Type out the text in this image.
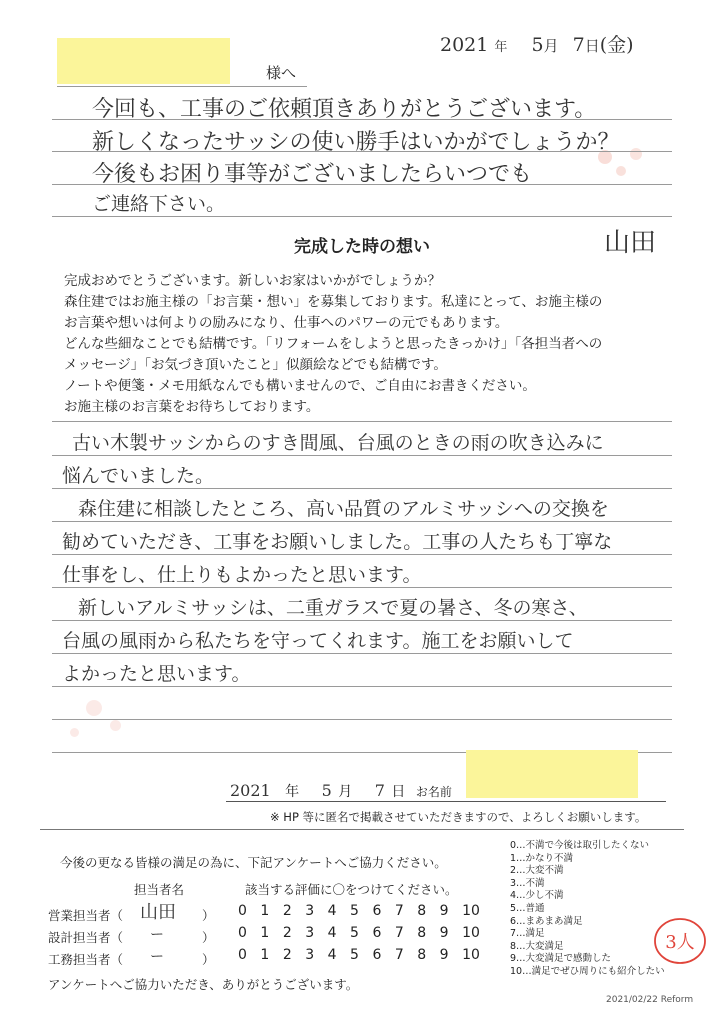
2021 年 5月 7日(金)
様へ
今回も、工事のご依頼頂きありがとうございます。
新しくなったサッシの使い勝手はいかがでしょうか？
今後もお困り事等がございましたらいつでも
ご連絡下さい。
山田
完成した時の想い
完成おめでとうございます。新しいお家はいかがでしょうか？
森住建ではお施主様の「お言葉・想い」を募集しております。私達にとって、お施主様の
お言葉や想いは何よりの励みになり、仕事へのパワーの元でもあります。
どんな些細なことでも結構です。「リフォームをしようと思ったきっかけ」「各担当者への
メッセージ」「お気づき頂いたこと」似顔絵などでも結構です。
ノートや便箋・メモ用紙なんでも構いませんので、ご自由にお書きください。
お施主様のお言葉をお待ちしております。
古い木製サッシからのすき間風、台風のときの雨の吹き込みに
悩んでいました。
森住建に相談したところ、高い品質のアルミサッシへの交換を
勧めていただき、工事をお願いしました。工事の人たちも丁寧な
仕事をし、仕上りもよかったと思います。
新しいアルミサッシは、二重ガラスで夏の暑さ、冬の寒さ、
台風の風雨から私たちを守ってくれます。施工をお願いして
よかったと思います。
2021 年 5 月 7 日 お名前
※ HP 等に匿名で掲載させていただきますので、よろしくお願いします。
今後の更なる皆様の満足の為に、下記アンケートへご協力ください。
担当者名	該当する評価に〇をつけてください。
営業担当者（ 山田 ） 0 1 2 3 4 5 6 7 8 9 10
設計担当者（ ー	） 0 1 2 3 4 5 6 7 8 9 10
工務担当者（ ー	） 0 1 2 3 4 5 6 7 8 9 10
アンケートへご協力いただき、ありがとうございます。
0…不満で今後は取引したくない
1…かなり不満
2…大変不満
3…不満
4…少し不満
5…普通
6…まあまあ満足
7…満足
8…大変満足
9…大変満足で感動した
10…満足でぜひ周りにも紹介したい
3人
2021/02/22 Reform
